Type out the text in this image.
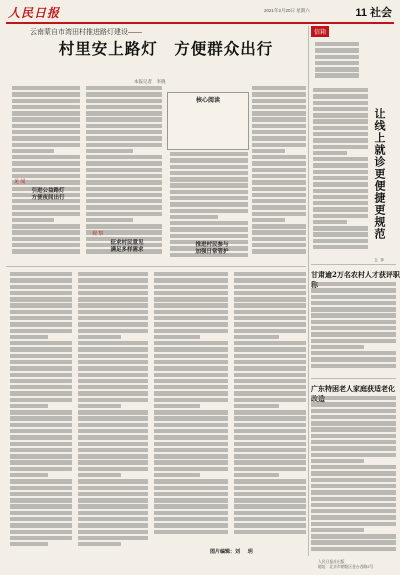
人民日报	2021年2月20日 星期六	11 社会
云南蒙自市湾田村推进路灯建设——
村里安上路灯　方便群众出行
本报记者　李晓
核心阅读
引进公益路灯
方便夜间出行
征求村民意见
满足多样需求
推进村民参与
加强日常管护
见 闻
观 察
信箱
让线上就诊更便捷更规范
李 玉
甘肃逾2万名农村人才获评职
广东特困老人家庭获适老化
图片编辑：刘 　 玥
人民日报社出版
地址：北京市朝阳区金台西路2号
